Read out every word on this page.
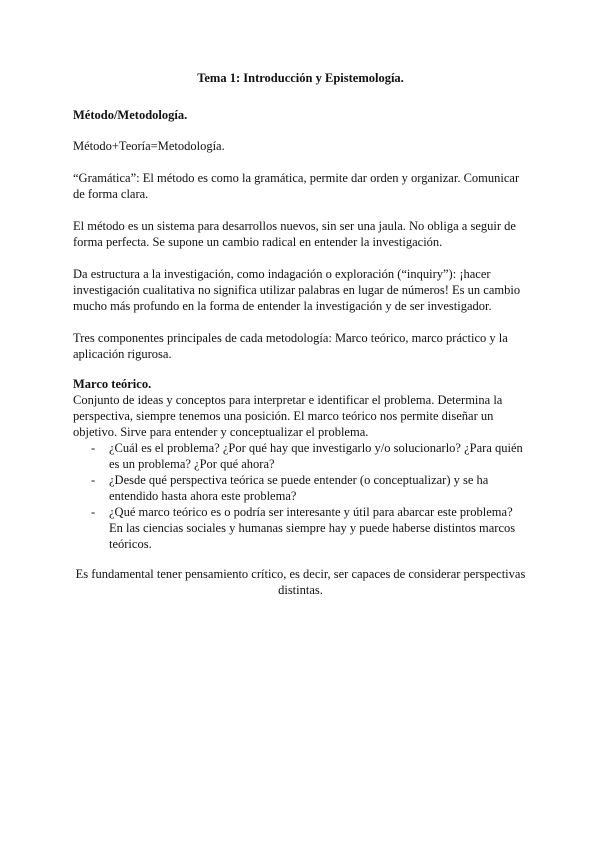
Tema 1: Introducción y Epistemología.
Método/Metodología.

Método+Teoría=Metodología.

“Gramática”: El método es como la gramática, permite dar orden y organizar. Comunicar de forma clara.

El método es un sistema para desarrollos nuevos, sin ser una jaula. No obliga a seguir de forma perfecta. Se supone un cambio radical en entender la investigación.

Da estructura a la investigación, como indagación o exploración (“inquiry”): ¡hacer investigación cualitativa no significa utilizar palabras en lugar de números! Es un cambio mucho más profundo en la forma de entender la investigación y de ser investigador.

Tres componentes principales de cada metodología: Marco teórico, marco práctico y la aplicación rigurosa.

Marco teórico.

Conjunto de ideas y conceptos para interpretar e identificar el problema. Determina la perspectiva, siempre tenemos una posición. El marco teórico nos permite diseñar un objetivo. Sirve para entender y conceptualizar el problema.

- ¿Cuál es el problema? ¿Por qué hay que investigarlo y/o solucionarlo? ¿Para quién es un problema? ¿Por qué ahora?
- ¿Desde qué perspectiva teórica se puede entender (o conceptualizar) y se ha entendido hasta ahora este problema?
- ¿Qué marco teórico es o podría ser interesante y útil para abarcar este problema? En las ciencias sociales y humanas siempre hay y puede haberse distintos marcos teóricos.

Es fundamental tener pensamiento crítico, es decir, ser capaces de considerar perspectivas distintas.
